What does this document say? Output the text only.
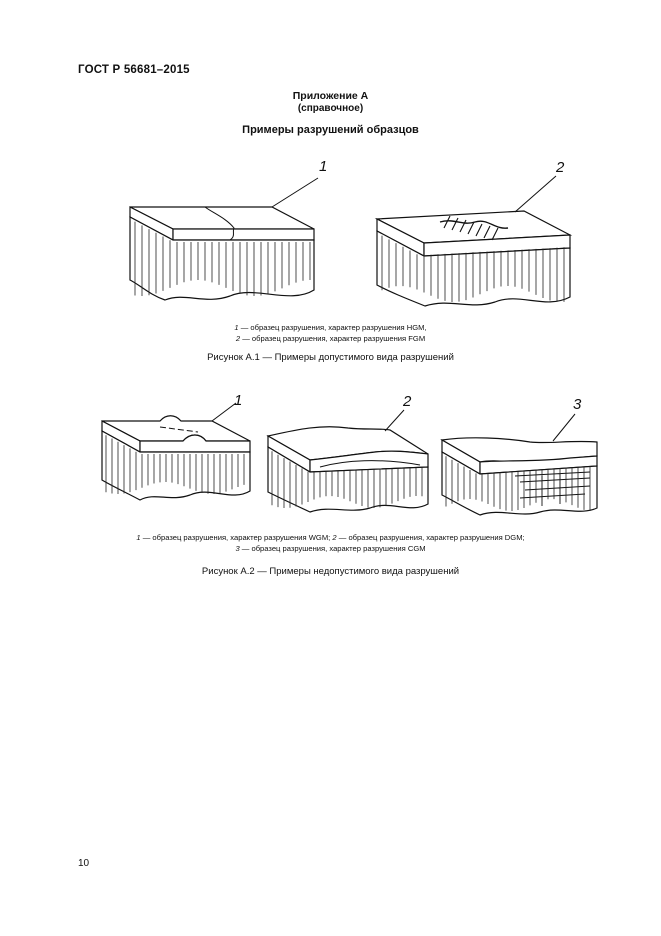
ГОСТ Р 56681–2015
Приложение А
(справочное)
Примеры разрушений образцов
1	2
1 — образец разрушения, характер разрушения HGM,
2 — образец разрушения, характер разрушения FGM
Рисунок А.1 — Примеры допустимого вида разрушений
1	2	3
1 — образец разрушения, характер разрушения WGM; 2 — образец разрушения, характер разрушения DGM;
3 — образец разрушения, характер разрушения CGM
Рисунок А.2 — Примеры недопустимого вида разрушений
10
